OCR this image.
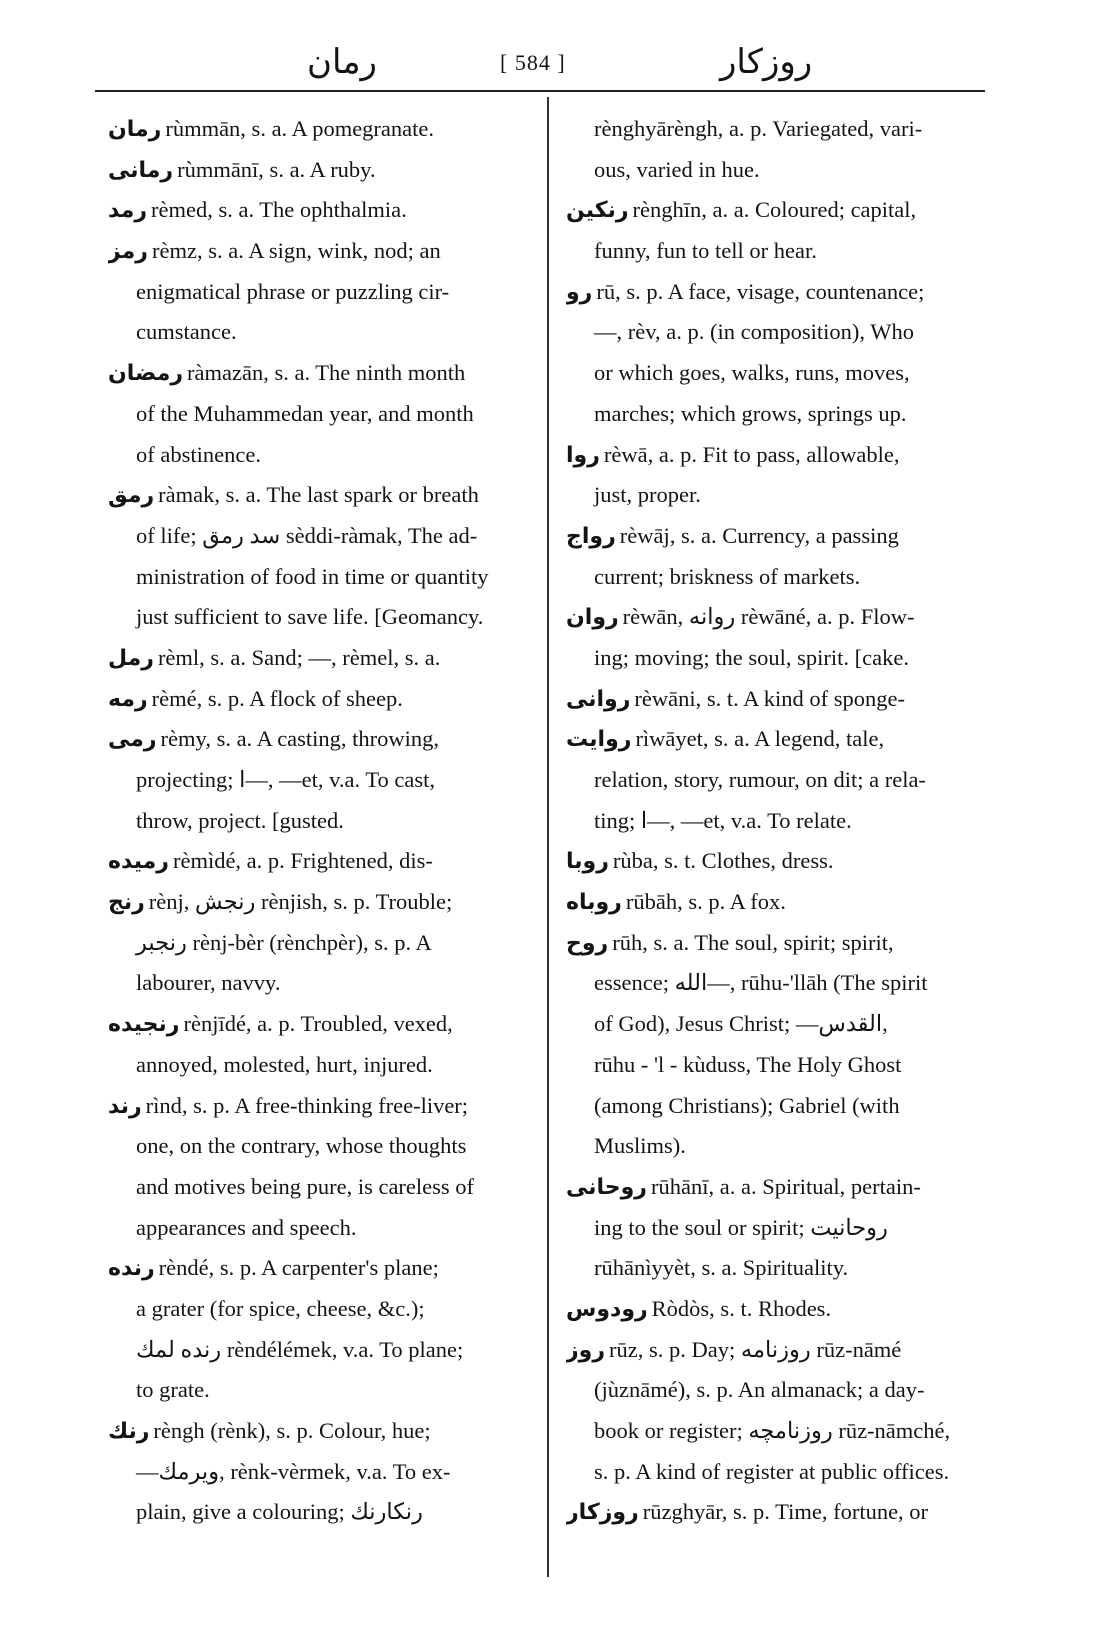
رمان	[ 584 ]	روزكار
رمان rùmmān, s. a. A pomegranate.
رمانى rùmmānī, s. a. A ruby.
رمد rèmed, s. a. The ophthalmia.
رمز rèmz, s. a. A sign, wink, nod; an
enigmatical phrase or puzzling cir-
cumstance.
رمضان ràmazān, s. a. The ninth month
of the Muhammedan year, and month
of abstinence.
رمق ràmak, s. a. The last spark or breath
of life; سد رمق sèddi-ràmak, The ad-
ministration of food in time or quantity
just sufficient to save life. [Geomancy.
رمل rèml, s. a. Sand; —, rèmel, s. a.
رمه rèmé, s. p. A flock of sheep.
رمى rèmy, s. a. A casting, throwing,
projecting; ا—, —et, v.a. To cast,
throw, project. [gusted.
رميده rèmìdé, a. p. Frightened, dis-
رنج rènj, رنجش rènjish, s. p. Trouble;
رنجبر rènj-bèr (rènchpèr), s. p. A
labourer, navvy.
رنجيده rènjīdé, a. p. Troubled, vexed,
annoyed, molested, hurt, injured.
رند rìnd, s. p. A free-thinking free-liver;
one, on the contrary, whose thoughts
and motives being pure, is careless of
appearances and speech.
رنده rèndé, s. p. A carpenter's plane;
a grater (for spice, cheese, &c.);
رنده لمك rèndélémek, v.a. To plane;
to grate.
رنك rèngh (rènk), s. p. Colour, hue;
—ويرمك, rènk-vèrmek, v.a. To ex-
plain, give a colouring; رنكارنك
rènghyārèngh, a. p. Variegated, vari-
ous, varied in hue.
رنكين rènghīn, a. a. Coloured; capital,
funny, fun to tell or hear.
رو rū, s. p. A face, visage, countenance;
—, rèv, a. p. (in composition), Who
or which goes, walks, runs, moves,
marches; which grows, springs up.
روا rèwā, a. p. Fit to pass, allowable,
just, proper.
رواج rèwāj, s. a. Currency, a passing
current; briskness of markets.
روان rèwān, روانه rèwāné, a. p. Flow-
ing; moving; the soul, spirit. [cake.
روانى rèwāni, s. t. A kind of sponge-
روايت rìwāyet, s. a. A legend, tale,
relation, story, rumour, on dit; a rela-
ting; ا—, —et, v.a. To relate.
روبا rùba, s. t. Clothes, dress.
روباه rūbāh, s. p. A fox.
روح rūh, s. a. The soul, spirit; spirit,
essence; الله—, rūhu-'llāh (The spirit
of God), Jesus Christ; —القدس,
rūhu - 'l - kùduss, The Holy Ghost
(among Christians); Gabriel (with
Muslims).
روحانى rūhānī, a. a. Spiritual, pertain-
ing to the soul or spirit; روحانيت
rūhānìyyèt, s. a. Spirituality.
رودوس Ròdòs, s. t. Rhodes.
روز rūz, s. p. Day; روزنامه rūz-nāmé
(jùznāmé), s. p. An almanack; a day-
book or register; روزنامچه rūz-nāmché,
s. p. A kind of register at public offices.
روزكار rūzghyār, s. p. Time, fortune, or
